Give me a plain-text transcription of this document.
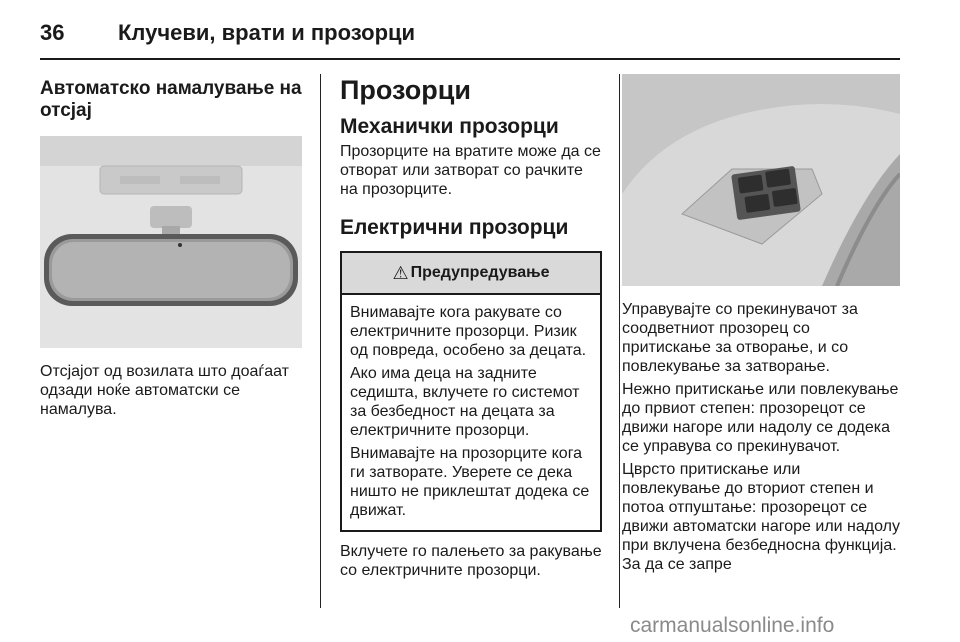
36	Клучеви, врати и прозорци
Автоматско намалување на отсјај

Отсјајот од возилата што доаѓаат одзади ноќе автоматски се намалува.

Прозорци
Механички прозорци

Прозорците на вратите може да се отворат или затворат со рачките на прозорците.

Електрични прозорци
⚠ Предупредување

Внимавајте кога ракувате со електричните прозорци. Ризик од повреда, особено за децата.

Ако има деца на задните седишта, вклучете го системот за безбедност на децата за електричните прозорци.

Внимавајте на прозорците кога ги затворате. Уверете се дека ништо не приклештат додека се движат.

Вклучете го палењето за ракување со електричните прозорци.

Управувајте со прекинувачот за соодветниот прозорец со притискање за отворање, и со повлекување за затворање.

Нежно притискање или повлекување до првиот степен: прозорецот се движи нагоре или надолу се додека се управува со прекинувачот.

Цврсто притискање или повлекување до вториот степен и потоа отпуштање: прозорецот се движи автоматски нагоре или надолу при вклучена безбедносна функција. За да се запре

carmanualsonline.info
